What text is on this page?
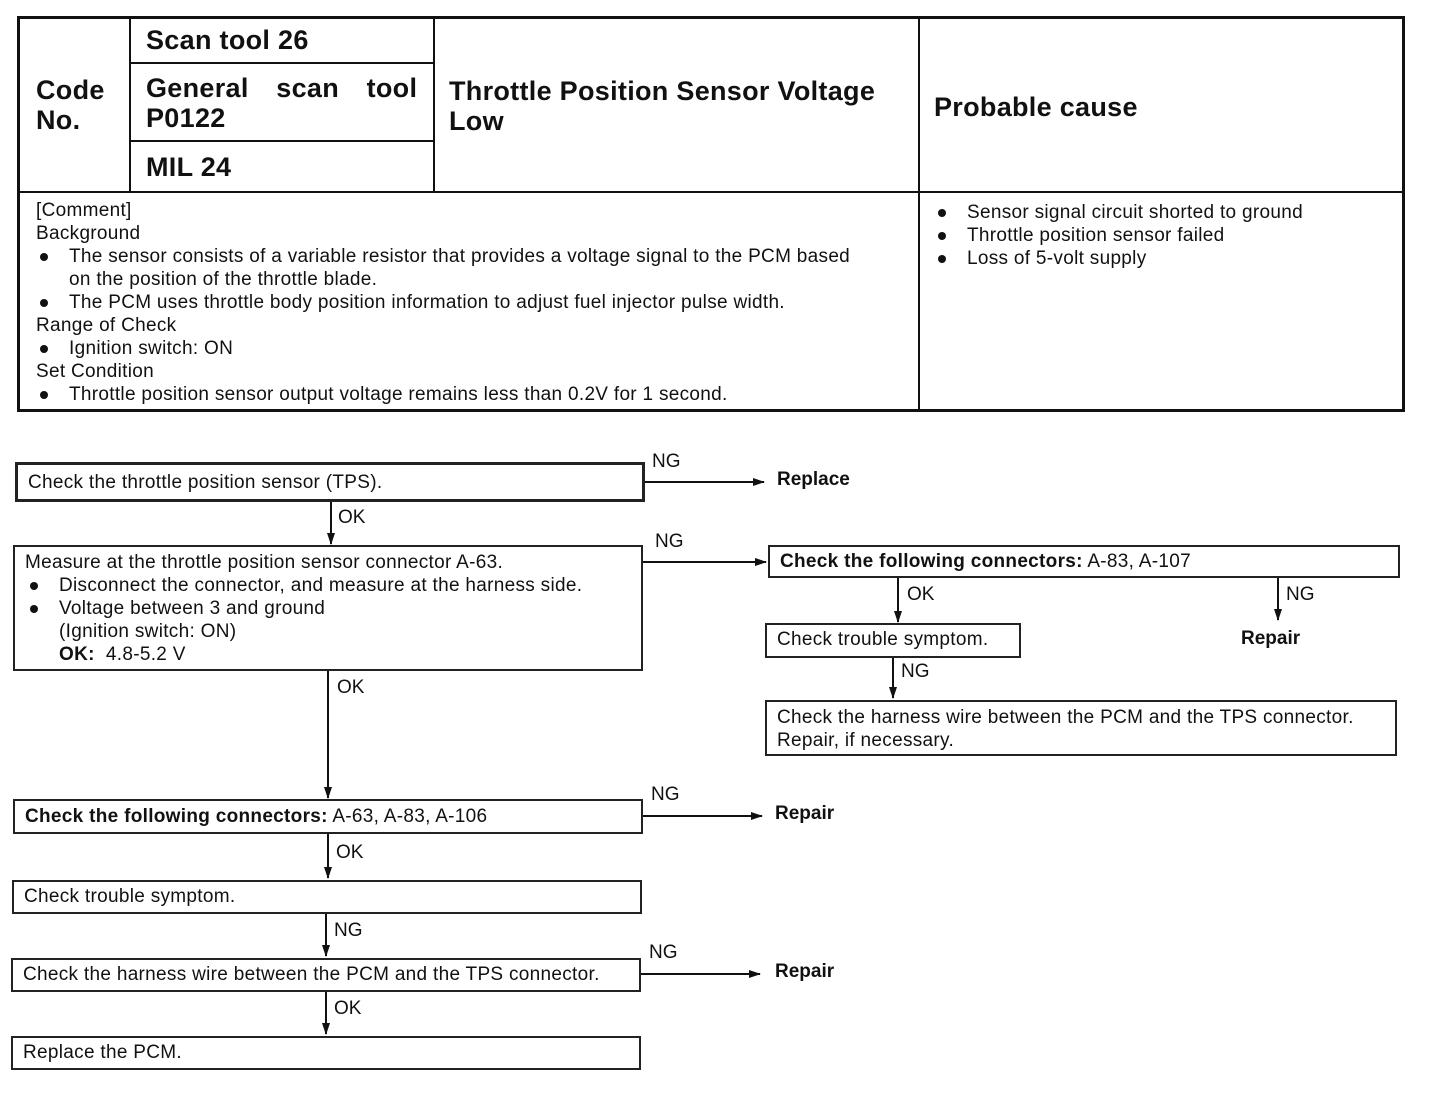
Code
No.
Scan tool 26
General  scan  tool
P0122
MIL 24
Throttle Position Sensor Voltage
Low	Probable cause
[Comment]
Background
The sensor consists of a variable resistor that provides a voltage signal to the PCM based
on the position of the throttle blade.
The PCM uses throttle body position information to adjust fuel injector pulse width.
Range of Check
Ignition switch: ON
Set Condition
Throttle position sensor output voltage remains less than 0.2V for 1 second.
Sensor signal circuit shorted to ground
Throttle position sensor failed
Loss of 5-volt supply
Check the throttle position sensor (TPS).
NG
Replace
OK
Measure at the throttle position sensor connector A-63.
Disconnect the connector, and measure at the harness side.
Voltage between 3 and ground
(Ignition switch: ON)
OK: 4.8-5.2 V
NG
OK
Check the following connectors: A-83, A-107
OK	NG
Repair
Check trouble symptom.
NG
Check the harness wire between the PCM and the TPS connector.
Repair, if necessary.
Check the following connectors: A-63, A-83, A-106
NG
Repair
OK
Check trouble symptom.
NG
Check the harness wire between the PCM and the TPS connector.
NG
Repair
OK
Replace the PCM.
